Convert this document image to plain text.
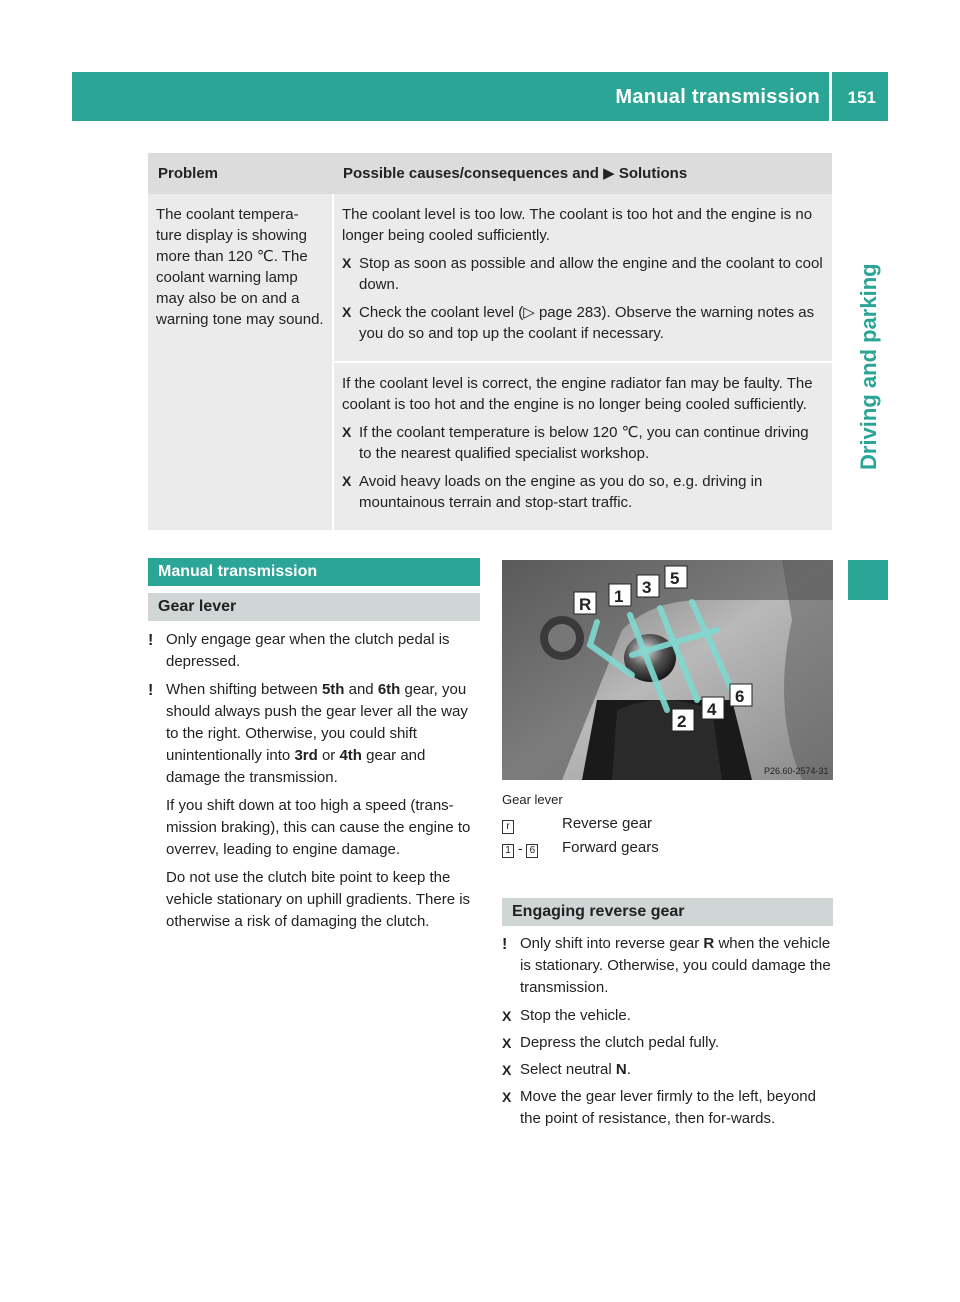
Manual transmission 151
Driving and parking
Problem	Possible causes/consequences and ▶ Solutions
The coolant tempera-ture display is showing more than 120 ℃. The coolant warning lamp may also be on and a warning tone may sound.	The coolant level is too low. The coolant is too hot and the engine is no longer being cooled sufficiently.

X Stop as soon as possible and allow the engine and the coolant to cool down.

X Check the coolant level (▷ page 283). Observe the warning notes as you do so and top up the coolant if necessary.

	If the coolant level is correct, the engine radiator fan may be faulty. The coolant is too hot and the engine is no longer being cooled sufficiently.

X If the coolant temperature is below 120 ℃, you can continue driving to the nearest qualified specialist workshop.

X Avoid heavy loads on the engine as you do so, e.g. driving in mountainous terrain and stop-start traffic.

Manual transmission
Gear lever

! Only engage gear when the clutch pedal is depressed.

! When shifting between 5th and 6th gear, you should always push the gear lever all the way to the right. Otherwise, you could shift unintentionally into 3rd or 4th gear and damage the transmission.

If you shift down at too high a speed (trans-mission braking), this can cause the engine to overrev, leading to engine damage.

Do not use the clutch bite point to keep the vehicle stationary on uphill gradients. There is otherwise a risk of damaging the clutch.

R 1 3 5
6
4
2
P26.60-2574-31
Gear lever
r	Reverse gear
1 - 6	Forward gears
Engaging reverse gear

! Only shift into reverse gear R when the vehicle is stationary. Otherwise, you could damage the transmission.

X Stop the vehicle.

X Depress the clutch pedal fully.

X Select neutral N.

X Move the gear lever firmly to the left, beyond the point of resistance, then for-wards.
